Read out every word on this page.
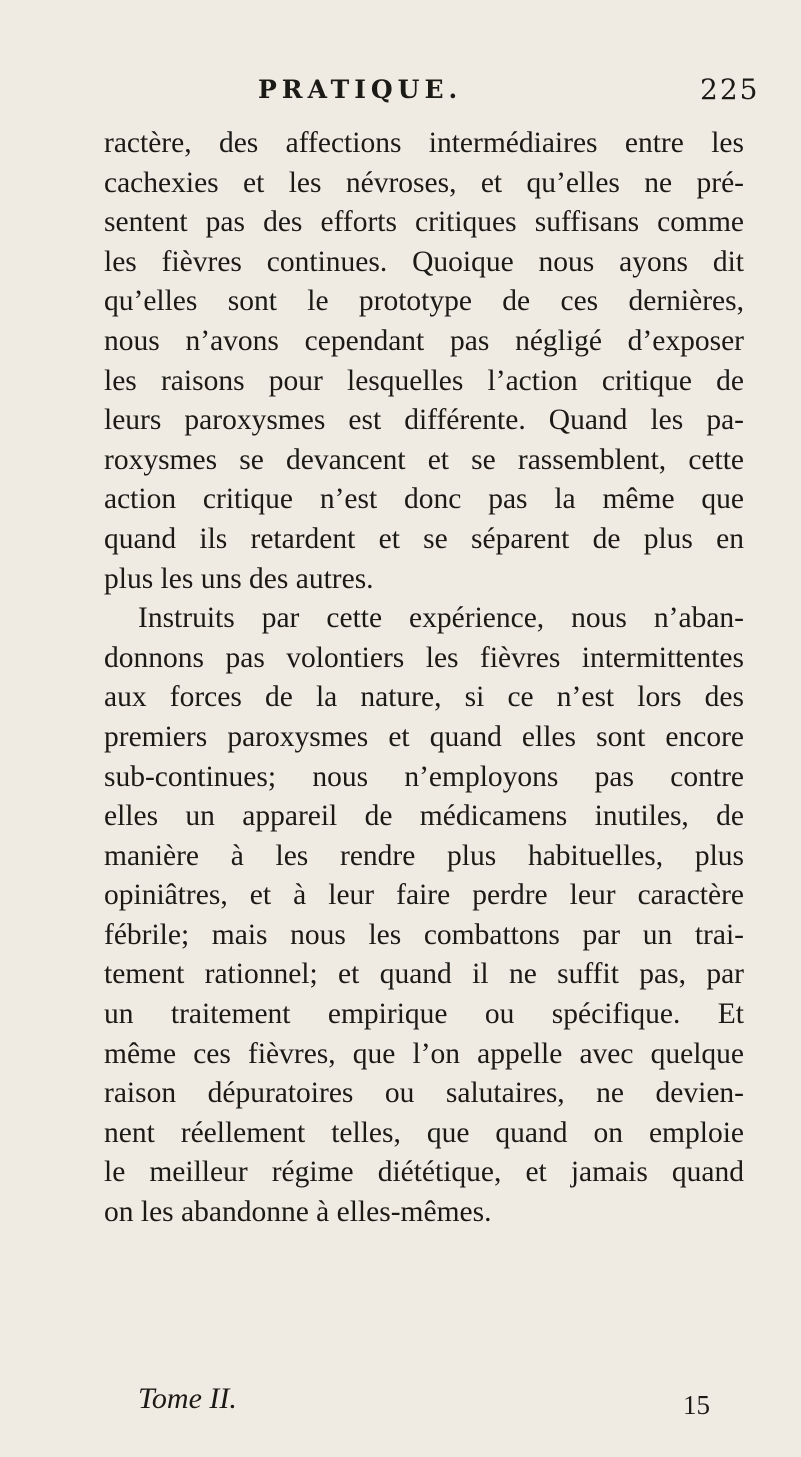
PRATIQUE.	225
ractère, des affections intermédiaires entre les
cachexies et les névroses, et qu’elles ne pré-
sentent pas des efforts critiques suffisans comme
les fièvres continues. Quoique nous ayons dit
qu’elles sont le prototype de ces dernières,
nous n’avons cependant pas négligé d’exposer
les raisons pour lesquelles l’action critique de
leurs paroxysmes est différente. Quand les pa-
roxysmes se devancent et se rassemblent, cette
action critique n’est donc pas la même que
quand ils retardent et se séparent de plus en
plus les uns des autres.
Instruits par cette expérience, nous n’aban-
donnons pas volontiers les fièvres intermittentes
aux forces de la nature, si ce n’est lors des
premiers paroxysmes et quand elles sont encore
sub-continues; nous n’employons pas contre
elles un appareil de médicamens inutiles, de
manière à les rendre plus habituelles, plus
opiniâtres, et à leur faire perdre leur caractère
fébrile; mais nous les combattons par un trai-
tement rationnel; et quand il ne suffit pas, par
un traitement empirique ou spécifique. Et
même ces fièvres, que l’on appelle avec quelque
raison dépuratoires ou salutaires, ne devien-
nent réellement telles, que quand on emploie
le meilleur régime diététique, et jamais quand
on les abandonne à elles-mêmes.
Tome II.	15
